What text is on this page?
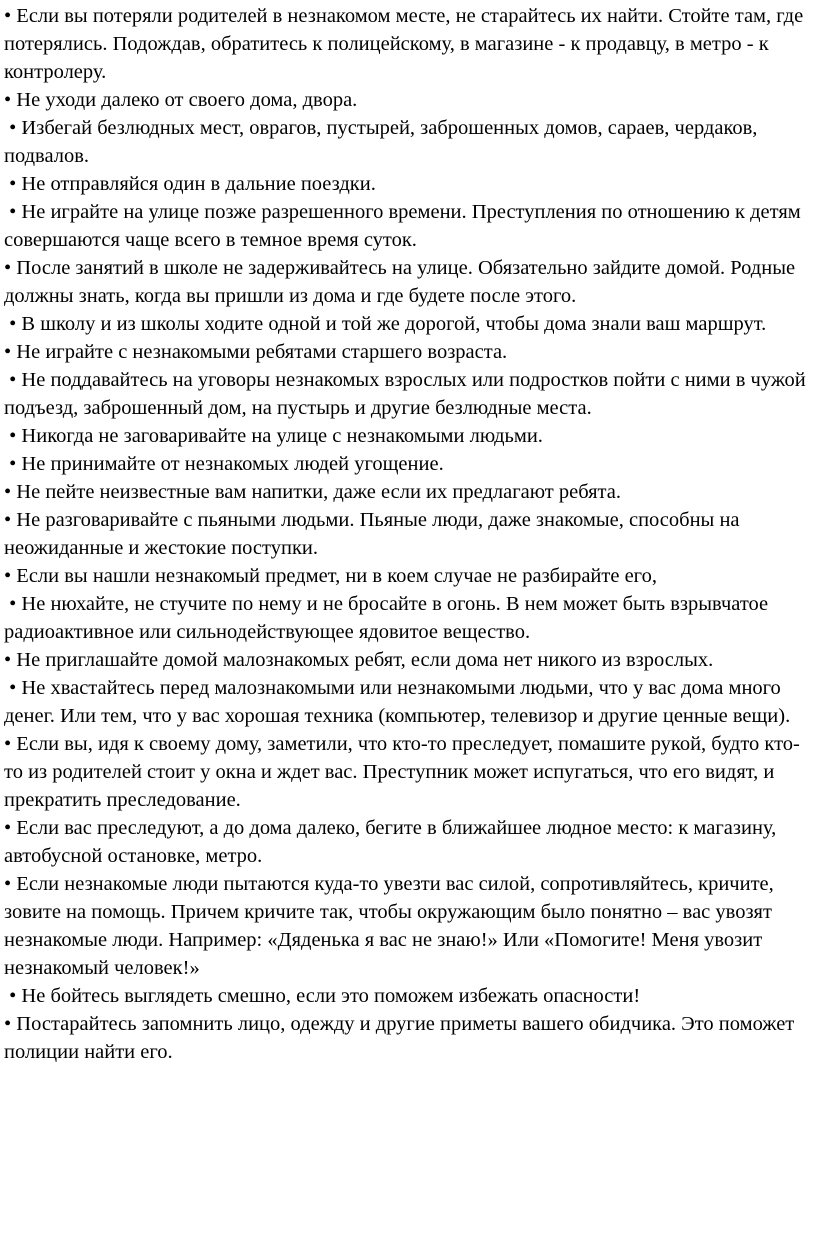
• Если вы потеряли родителей в незнакомом месте, не старайтесь их найти. Стойте там, где потерялись. Подождав, обратитесь к полицейскому, в магазине - к продавцу, в метро - к контролеру.

• Не уходи далеко от своего дома, двора.

• Избегай безлюдных мест, оврагов, пустырей, заброшенных домов, сараев, чердаков, подвалов.

• Не отправляйся один в дальние поездки.

• Не играйте на улице позже разрешенного времени. Преступления по отношению к детям совершаются чаще всего в темное время суток.

• После занятий в школе не задерживайтесь на улице. Обязательно зайдите домой. Родные должны знать, когда вы пришли из дома и где будете после этого.

• В школу и из школы ходите одной и той же дорогой, чтобы дома знали ваш маршрут.

• Не играйте с незнакомыми ребятами старшего возраста.

• Не поддавайтесь на уговоры незнакомых взрослых или подростков пойти с ними в чужой подъезд, заброшенный дом, на пустырь и другие безлюдные места.

• Никогда не заговаривайте на улице с незнакомыми людьми.

• Не принимайте от незнакомых людей угощение.

• Не пейте неизвестные вам напитки, даже если их предлагают ребята.

• Не разговаривайте с пьяными людьми. Пьяные люди, даже знакомые, способны на неожиданные и жестокие поступки.

• Если вы нашли незнакомый предмет, ни в коем случае не разбирайте его,

• Не нюхайте, не стучите по нему и не бросайте в огонь. В нем может быть взрывчатое радиоактивное или сильнодействующее ядовитое вещество.

• Не приглашайте домой малознакомых ребят, если дома нет никого из взрослых.

• Не хвастайтесь перед малознакомыми или незнакомыми людьми, что у вас дома много денег. Или тем, что у вас хорошая техника (компьютер, телевизор и другие ценные вещи).

• Если вы, идя к своему дому, заметили, что кто-то преследует, помашите рукой, будто кто-то из родителей стоит у окна и ждет вас. Преступник может испугаться, что его видят, и прекратить преследование.

• Если вас преследуют, а до дома далеко, бегите в ближайшее людное место: к магазину, автобусной остановке, метро.

• Если незнакомые люди пытаются куда-то увезти вас силой, сопротивляйтесь, кричите, зовите на помощь. Причем кричите так, чтобы окружающим было понятно – вас увозят незнакомые люди. Например: «Дяденька я вас не знаю!» Или «Помогите! Меня увозит незнакомый человек!»

• Не бойтесь выглядеть смешно, если это поможем избежать опасности!

• Постарайтесь запомнить лицо, одежду и другие приметы вашего обидчика. Это поможет полиции найти его.
